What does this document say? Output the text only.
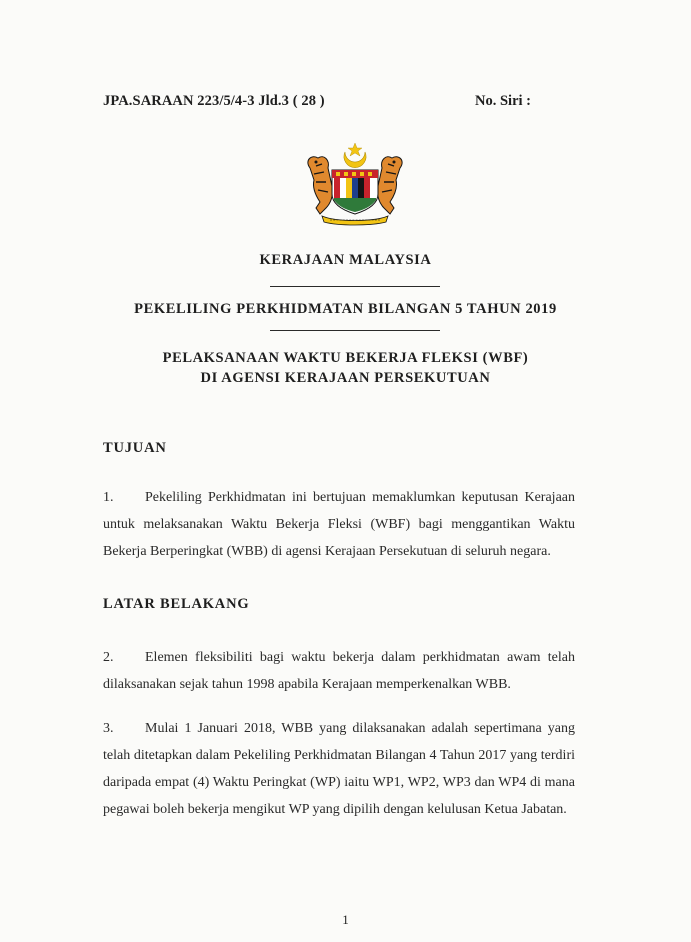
JPA.SARAAN 223/5/4-3 Jld.3 ( 28 )	No. Siri :
KERAJAAN MALAYSIA
PEKELILING PERKHIDMATAN BILANGAN 5 TAHUN 2019
PELAKSANAAN WAKTU BEKERJA FLEKSI (WBF)
DI AGENSI KERAJAAN PERSEKUTUAN
TUJUAN
1. Pekeliling Perkhidmatan ini bertujuan memaklumkan keputusan Kerajaan untuk melaksanakan Waktu Bekerja Fleksi (WBF) bagi menggantikan Waktu Bekerja Berperingkat (WBB) di agensi Kerajaan Persekutuan di seluruh negara.
LATAR BELAKANG
2. Elemen fleksibiliti bagi waktu bekerja dalam perkhidmatan awam telah dilaksanakan sejak tahun 1998 apabila Kerajaan memperkenalkan WBB.
3. Mulai 1 Januari 2018, WBB yang dilaksanakan adalah sepertimana yang telah ditetapkan dalam Pekeliling Perkhidmatan Bilangan 4 Tahun 2017 yang terdiri daripada empat (4) Waktu Peringkat (WP) iaitu WP1, WP2, WP3 dan WP4 di mana pegawai boleh bekerja mengikut WP yang dipilih dengan kelulusan Ketua Jabatan.
1
